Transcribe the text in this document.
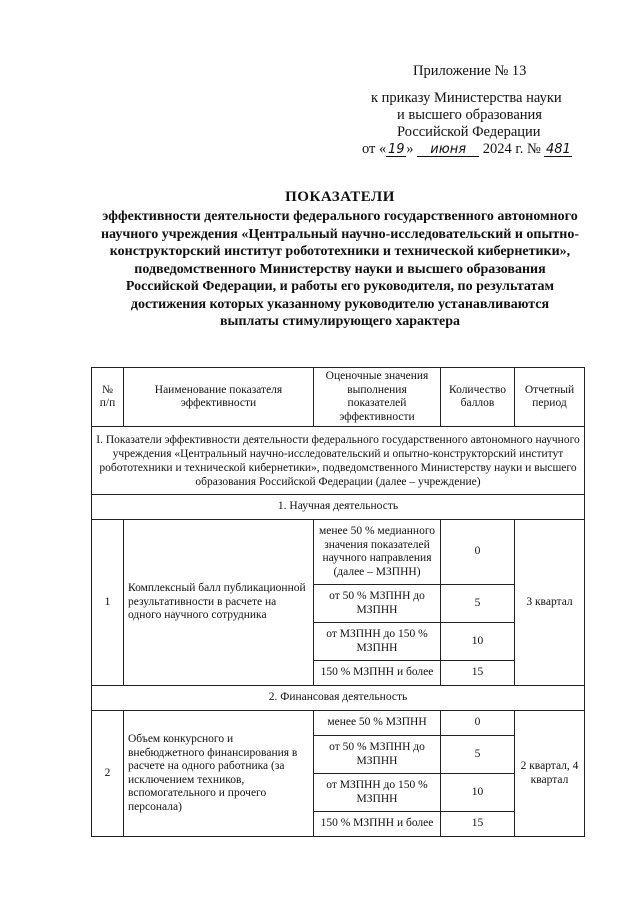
Приложение № 13
к приказу Министерства науки
и высшего образования
Российской Федерации
от « 19 » июня 2024 г. № 481
ПОКАЗАТЕЛИ
эффективности деятельности федерального государственного автономного научного учреждения «Центральный научно-исследовательский и опытно-конструкторский институт робототехники и технической кибернетики», подведомственного Министерству науки и высшего образования Российской Федерации, и работы его руководителя, по результатам достижения которых указанному руководителю устанавливаются выплаты стимулирующего характера
№ п/п	Наименование показателя эффективности	Оценочные значения выполнения показателей эффективности	Количество баллов	Отчетный период
I. Показатели эффективности деятельности федерального государственного автономного научного учреждения «Центральный научно-исследовательский и опытно-конструкторский институт робототехники и технической кибернетики», подведомственного Министерству науки и высшего образования Российской Федерации (далее – учреждение)				
1. Научная деятельность				
1	Комплексный балл публикационной результативности в расчете на одного научного сотрудника	менее 50 % медианного значения показателей научного направления (далее – МЗПНН)	0	3 квартал
		от 50 % МЗПНН до МЗПНН	5	
		от МЗПНН до 150 % МЗПНН	10	
		150 % МЗПНН и более	15	
2. Финансовая деятельность				
2	Объем конкурсного и внебюджетного финансирования в расчете на одного работника (за исключением техников, вспомогательного и прочего персонала)	менее 50 % МЗПНН	0	2 квартал, 4 квартал
		от 50 % МЗПНН до МЗПНН	5	
		от МЗПНН до 150 % МЗПНН	10	
		150 % МЗПНН и более	15	
